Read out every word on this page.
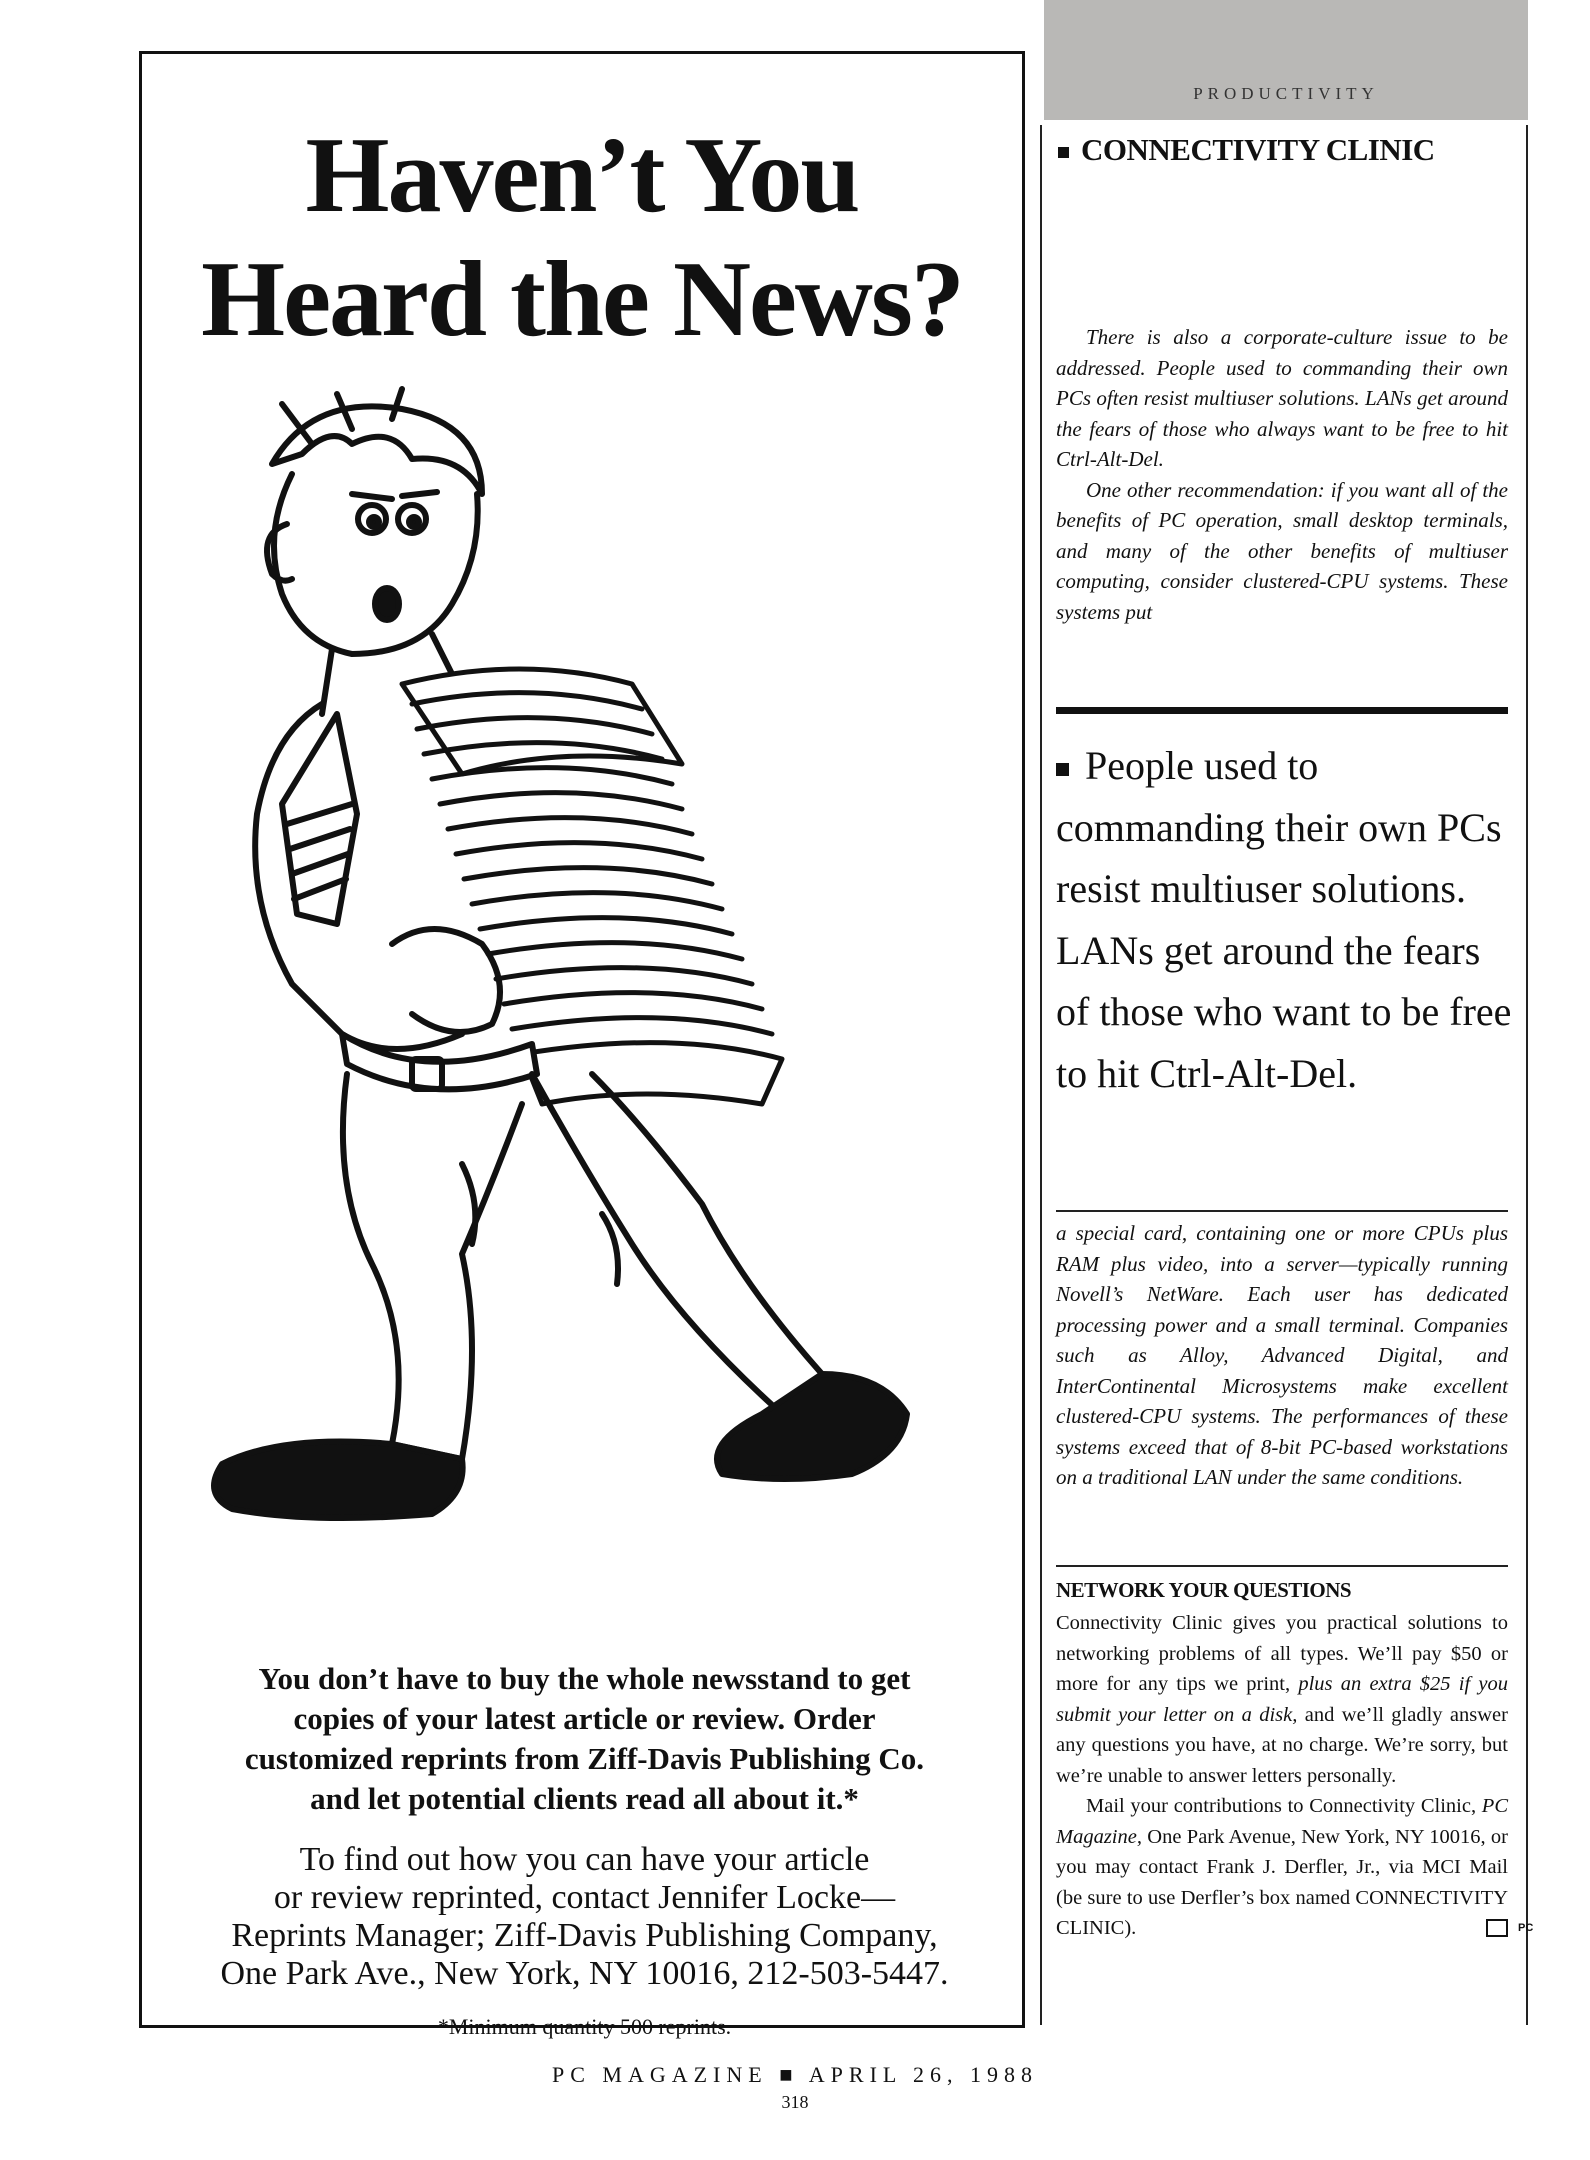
Haven’t You
Heard the News?
You don’t have to buy the whole newsstand to get
copies of your latest article or review. Order
customized reprints from Ziff-Davis Publishing Co.
and let potential clients read all about it.*
To find out how you can have your article
or review reprinted, contact Jennifer Locke—
Reprints Manager; Ziff-Davis Publishing Company,
One Park Ave., New York, NY 10016, 212-503-5447.
*Minimum quantity 500 reprints.
PRODUCTIVITY
CONNECTIVITY CLINIC

There is also a corporate-culture issue to be addressed. People used to commanding their own PCs often resist multiuser solutions. LANs get around the fears of those who always want to be free to hit Ctrl-Alt-Del.

One other recommendation: if you want all of the benefits of PC operation, small desktop terminals, and many of the other benefits of multiuser computing, consider clustered-CPU systems. These systems put

People used to commanding their own PCs resist multiuser solutions. LANs get around the fears of those who want to be free to hit Ctrl-Alt-Del.

a special card, containing one or more CPUs plus RAM plus video, into a server—typically running Novell’s NetWare. Each user has dedicated processing power and a small terminal. Companies such as Alloy, Advanced Digital, and InterContinental Microsystems make excellent clustered-CPU systems. The performances of these systems exceed that of 8-bit PC-based workstations on a traditional LAN under the same conditions.

NETWORK YOUR QUESTIONS

Connectivity Clinic gives you practical solutions to networking problems of all types. We’ll pay $50 or more for any tips we print, plus an extra $25 if you submit your letter on a disk, and we’ll gladly answer any questions you have, at no charge. We’re sorry, but we’re unable to answer letters personally.

Mail your contributions to Connectivity Clinic, PC Magazine, One Park Avenue, New York, NY 10016, or you may contact Frank J. Derfler, Jr., via MCI Mail (be sure to use Derfler’s box named CONNECTIVITY CLINIC).	PC

PC MAGAZINE ■ APRIL 26, 1988
318
